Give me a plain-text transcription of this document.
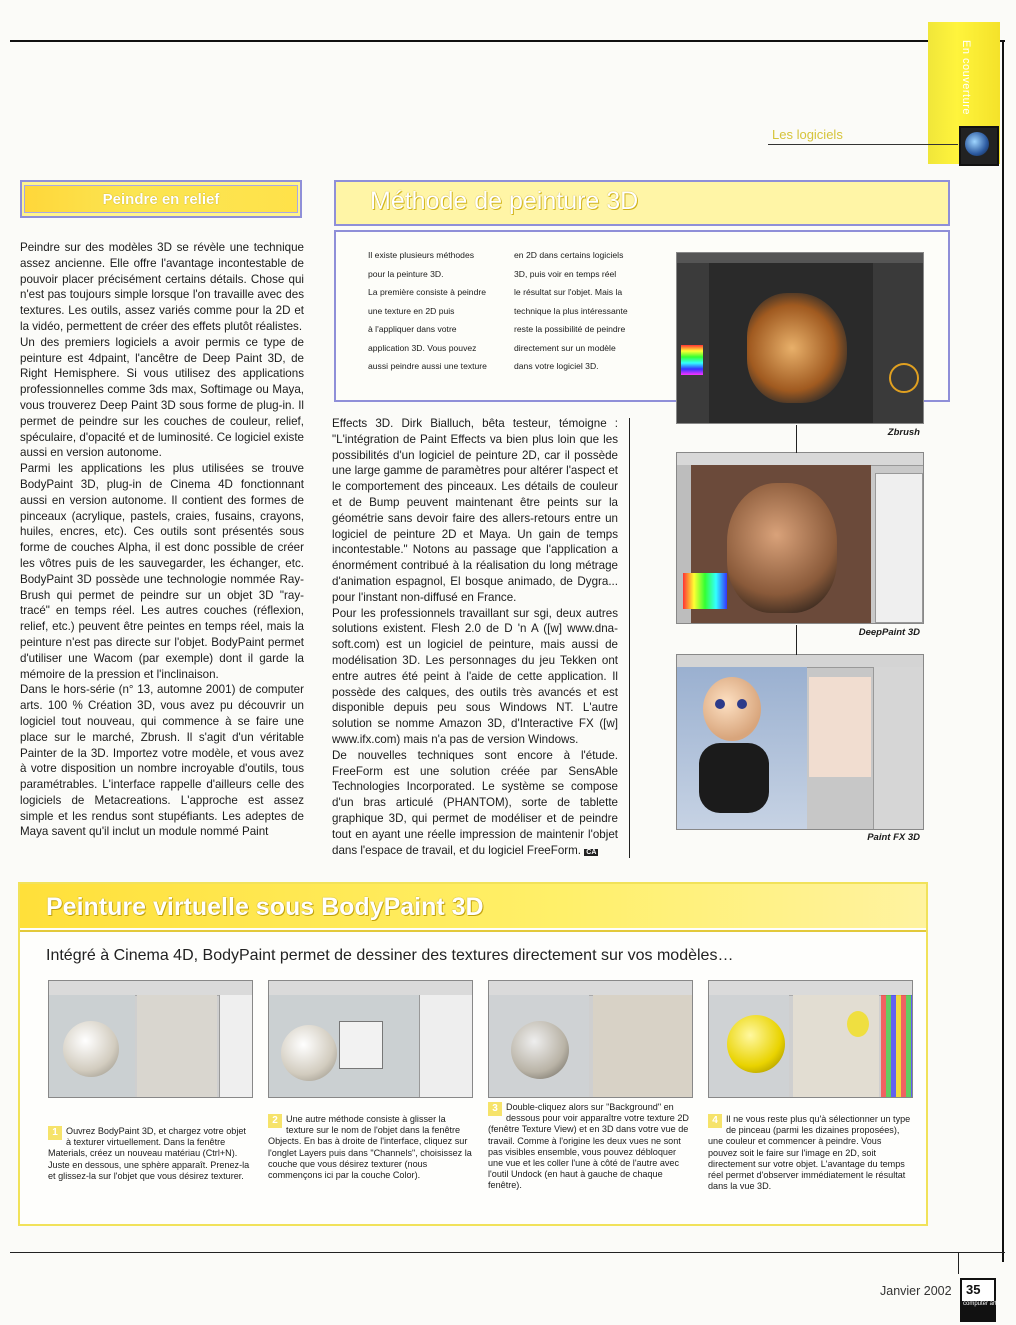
En couverture
Les logiciels
Peindre en relief

Peindre sur des modèles 3D se révèle une technique assez ancienne. Elle offre l'avantage incontestable de pouvoir placer précisément certains détails. Chose qui n'est pas toujours simple lorsque l'on travaille avec des textures. Les outils, assez variés comme pour la 2D et la vidéo, permettent de créer des effets plutôt réalistes.

Un des premiers logiciels a avoir permis ce type de peinture est 4dpaint, l'ancêtre de Deep Paint 3D, de Right Hemisphere. Si vous utilisez des applications professionnelles comme 3ds max, Softimage ou Maya, vous trouverez Deep Paint 3D sous forme de plug-in. Il permet de peindre sur les couches de couleur, relief, spéculaire, d'opacité et de luminosité. Ce logiciel existe aussi en version autonome.

Parmi les applications les plus utilisées se trouve BodyPaint 3D, plug-in de Cinema 4D fonctionnant aussi en version autonome. Il contient des formes de pinceaux (acrylique, pastels, craies, fusains, crayons, huiles, encres, etc). Ces outils sont présentés sous forme de couches Alpha, il est donc possible de créer les vôtres puis de les sauvegarder, les échanger, etc. BodyPaint 3D possède une technologie nommée Ray-Brush qui permet de peindre sur un objet 3D "ray-tracé" en temps réel. Les autres couches (réflexion, relief, etc.) peuvent être peintes en temps réel, mais la peinture n'est pas directe sur l'objet. BodyPaint permet d'utiliser une Wacom (par exemple) dont il garde la mémoire de la pression et l'inclinaison.

Dans le hors-série (n° 13, automne 2001) de computer arts. 100 % Création 3D, vous avez pu découvrir un logiciel tout nouveau, qui commence à se faire une place sur le marché, Zbrush. Il s'agit d'un véritable Painter de la 3D. Importez votre modèle, et vous avez à votre disposition un nombre incroyable d'outils, tous paramétrables. L'interface rappelle d'ailleurs celle des logiciels de Metacreations. L'approche est assez simple et les rendus sont stupéfiants. Les adeptes de Maya savent qu'il inclut un module nommé Paint

Méthode de peinture 3D
Il existe plusieurs méthodes
pour la peinture 3D.
La première consiste à peindre
une texture en 2D puis
à l'appliquer dans votre
application 3D. Vous pouvez
aussi peindre aussi une texture
en 2D dans certains logiciels
3D, puis voir en temps réel
le résultat sur l'objet. Mais la
technique la plus intéressante
reste la possibilité de peindre
directement sur un modèle
dans votre logiciel 3D.

Effects 3D. Dirk Bialluch, bêta testeur, témoigne : "L'intégration de Paint Effects va bien plus loin que les possibilités d'un logiciel de peinture 2D, car il possède une large gamme de paramètres pour altérer l'aspect et le comportement des pinceaux. Les détails de couleur et de Bump peuvent maintenant être peints sur la géométrie sans devoir faire des allers-retours entre un logiciel de peinture 2D et Maya. Un gain de temps incontestable." Notons au passage que l'application a énormément contribué à la réalisation du long métrage d'animation espagnol, El bosque animado, de Dygra... pour l'instant non-diffusé en France.

Pour les professionnels travaillant sur sgi, deux autres solutions existent. Flesh 2.0 de D 'n A ([w] www.dna-soft.com) est un logiciel de peinture, mais aussi de modélisation 3D. Les personnages du jeu Tekken ont entre autres été peint à l'aide de cette application. Il possède des calques, des outils très avancés et est disponible depuis peu sous Windows NT. L'autre solution se nomme Amazon 3D, d'Interactive FX ([w] www.ifx.com) mais n'a pas de version Windows.

De nouvelles techniques sont encore à l'étude. FreeForm est une solution créée par SensAble Technologies Incorporated. Le système se compose d'un bras articulé (PHANTOM), sorte de tablette graphique 3D, qui permet de modéliser et de peindre tout en ayant une réelle impression de maintenir l'objet dans l'espace de travail, et du logiciel FreeForm. CA

Zbrush
DeepPaint 3D
Paint FX 3D
Peinture virtuelle sous BodyPaint 3D
Intégré à Cinema 4D, BodyPaint permet de dessiner des textures directement sur vos modèles…
1 Ouvrez BodyPaint 3D, et chargez votre objet à texturer virtuellement. Dans la fenêtre Materials, créez un nouveau matériau (Ctrl+N). Juste en dessous, une sphère apparaît. Prenez-la et glissez-la sur l'objet que vous désirez texturer.
2 Une autre méthode consiste à glisser la texture sur le nom de l'objet dans la fenêtre Objects. En bas à droite de l'interface, cliquez sur l'onglet Layers puis dans "Channels", choisissez la couche que vous désirez texturer (nous commençons ici par la couche Color).
3 Double-cliquez alors sur "Background" en dessous pour voir apparaître votre texture 2D (fenêtre Texture View) et en 3D dans votre vue de travail. Comme à l'origine les deux vues ne sont pas visibles ensemble, vous pouvez débloquer une vue et les coller l'une à côté de l'autre avec l'outil Undock (en haut à gauche de chaque fenêtre).
4 Il ne vous reste plus qu'à sélectionner un type de pinceau (parmi les dizaines proposées), une couleur et commencer à peindre. Vous pouvez soit le faire sur l'image en 2D, soit directement sur votre objet. L'avantage du temps réel permet d'observer immédiatement le résultat dans la vue 3D.
Janvier 2002 35
computer arts
